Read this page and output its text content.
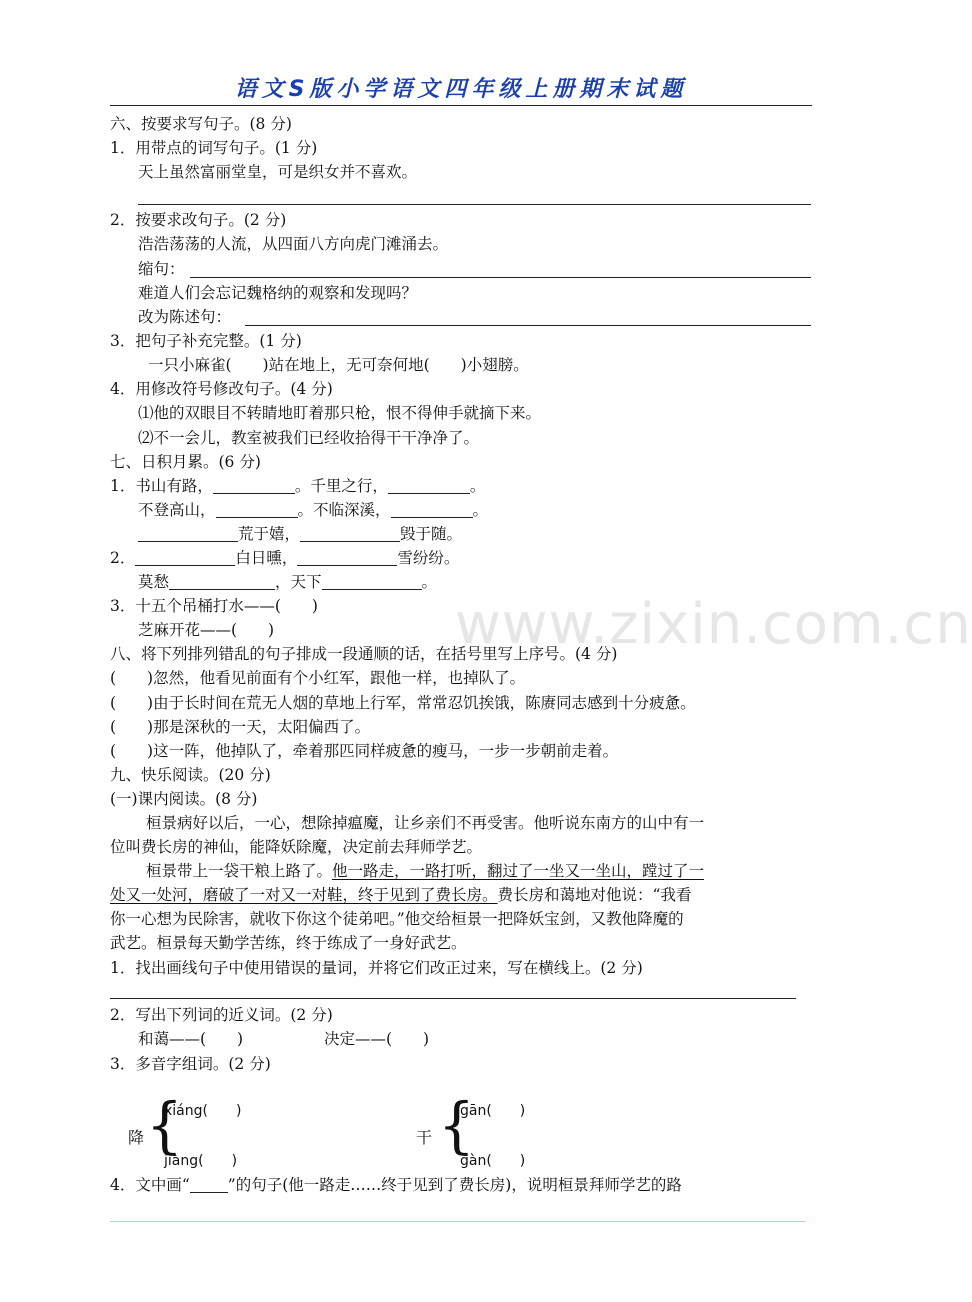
www.zixin.com.cn
语文S版小学语文四年级上册期末试题
六、按要求写句子。(8 分)
1．用带点的词写句子。(1 分)
天上虽然富丽堂皇，可是织女并不喜欢。
2．按要求改句子。(2 分)
浩浩荡荡的人流，从四面八方向虎门滩涌去。
缩句：
难道人们会忘记魏格纳的观察和发现吗？
改为陈述句：
3．把句子补充完整。(1 分)
一只小麻雀(　　)站在地上，无可奈何地(　　)小翅膀。
4．用修改符号修改句子。(4 分)
⑴他的双眼目不转睛地盯着那只枪，恨不得伸手就摘下来。
⑵不一会儿，教室被我们已经收拾得干干净净了。
七、日积月累。(6 分)
1．书山有路，	。千里之行，	。
不登高山，	。不临深溪，	。
荒于嬉，	毁于随。
2．	白日曛，	雪纷纷。
莫愁	，天下	。
3．十五个吊桶打水——(　　)
芝麻开花——(　　)
八、将下列排列错乱的句子排成一段通顺的话，在括号里写上序号。(4 分)
(　　)忽然，他看见前面有个小红军，跟他一样，也掉队了。
(　　)由于长时间在荒无人烟的草地上行军，常常忍饥挨饿，陈赓同志感到十分疲惫。
(　　)那是深秋的一天，太阳偏西了。
(　　)这一阵，他掉队了，牵着那匹同样疲惫的瘦马，一步一步朝前走着。
九、快乐阅读。(20 分)
(一)课内阅读。(8 分)
桓景病好以后，一心，想除掉瘟魔，让乡亲们不再受害。他听说东南方的山中有一
位叫费长房的神仙，能降妖除魔，决定前去拜师学艺。
桓景带上一袋干粮上路了。他一路走，一路打听，翻过了一坐又一坐山，蹚过了一
处又一处河，磨破了一对又一对鞋，终于见到了费长房。费长房和蔼地对他说：“我看
你一心想为民除害，就收下你这个徒弟吧。”他交给桓景一把降妖宝剑，又教他降魔的
武艺。桓景每天勤学苦练，终于练成了一身好武艺。
1．找出画线句子中使用错误的量词，并将它们改正过来，写在横线上。(2 分)
2．写出下列词的近义词。(2 分)
和蔼——(　　)	决定——(　　)
3．多音字组词。(2 分)
降 {
xiáng(　　)
jiàng(　　)
干 {
gān(　　)
gàn(　　)
4．文中画“ ”的句子(他一路走……终于见到了费长房)，说明桓景拜师学艺的路
